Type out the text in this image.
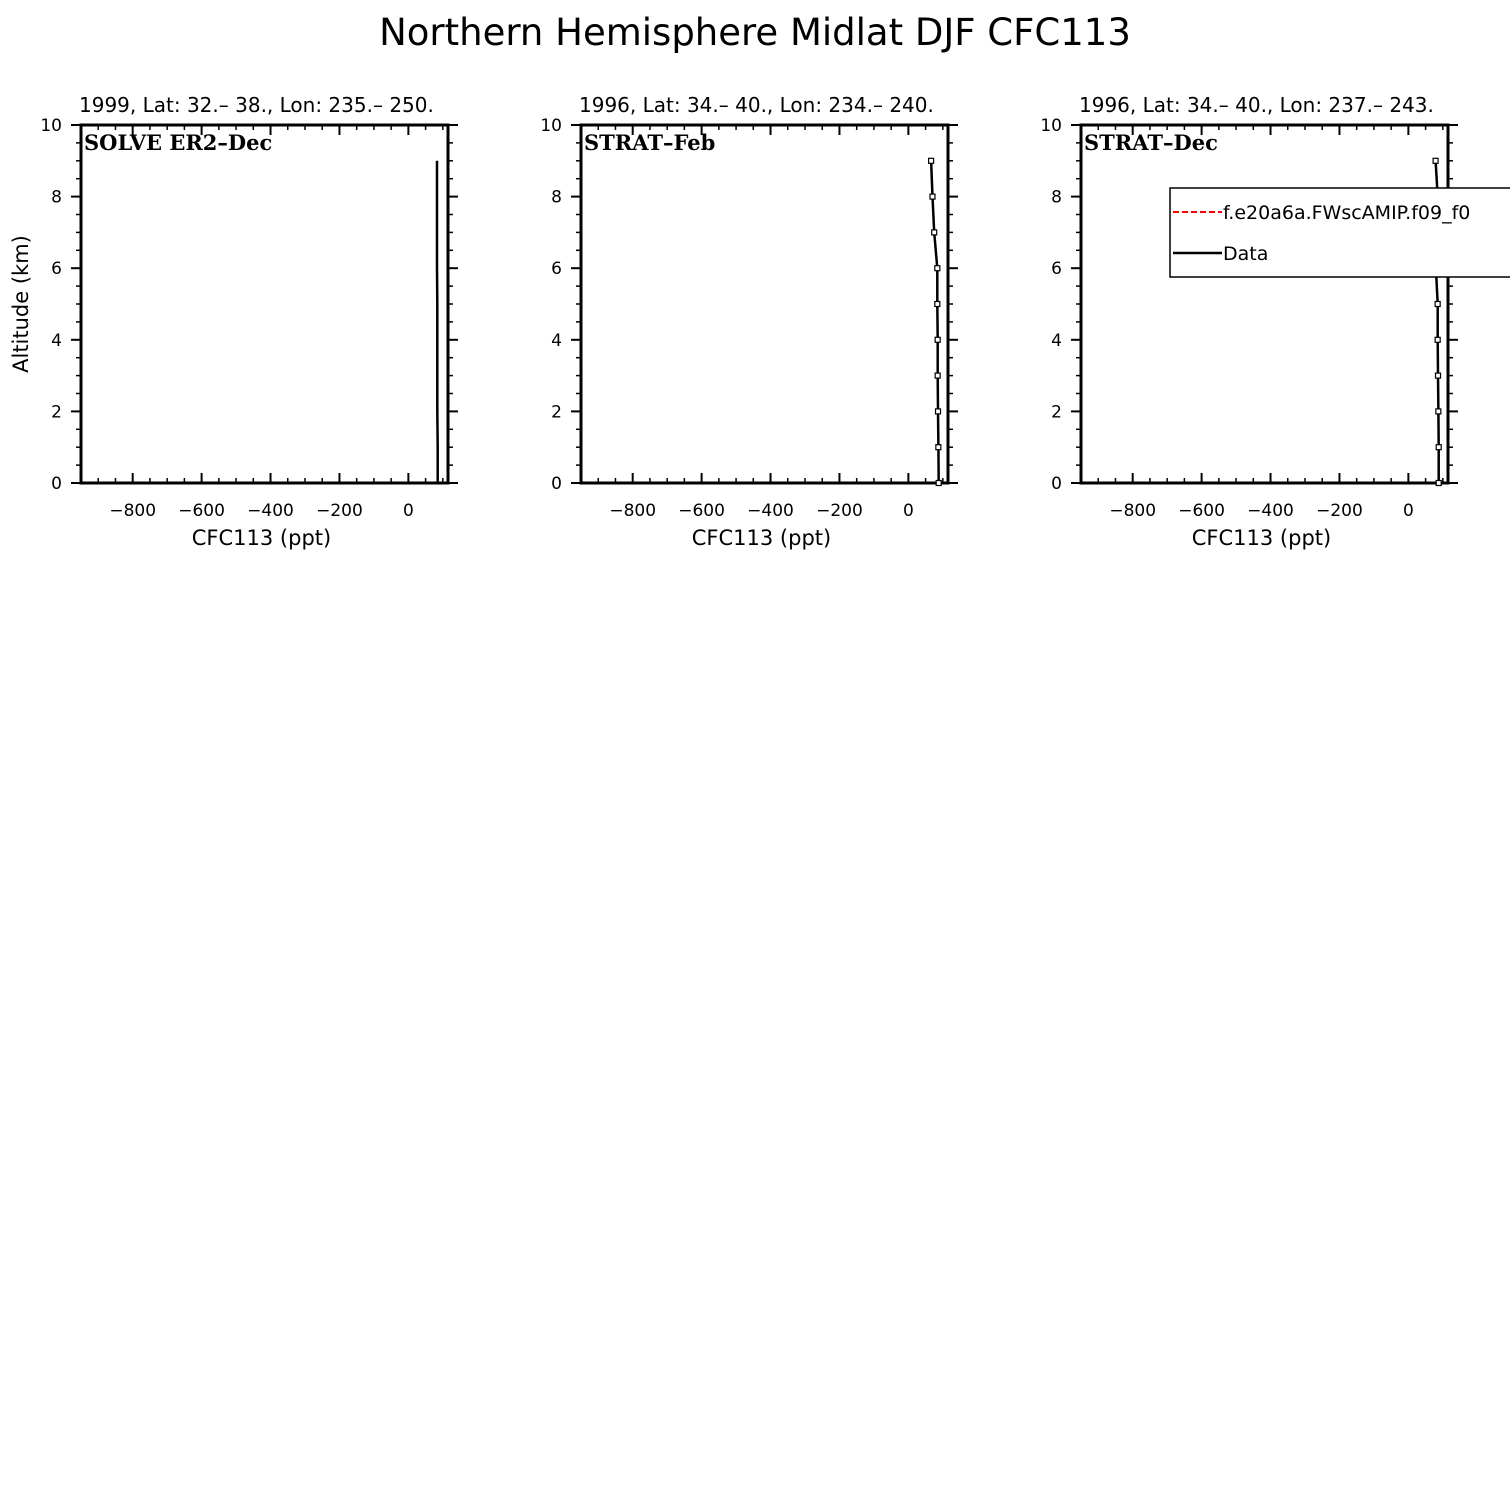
Northern Hemisphere Midlat DJF CFC113
−800 −600 −400 −200 0
0
2
4
6
8
10
1999, Lat: 32.– 38., Lon: 235.– 250.
SOLVE ER2–Dec
CFC113 (ppt)
Altitude (km)
−800 −600 −400 −200 0
0
2
4
6
8
10
1996, Lat: 34.– 40., Lon: 234.– 240.
STRAT–Feb
CFC113 (ppt)
−800 −600 −400 −200 0
0
2
4
6
8
10
1996, Lat: 34.– 40., Lon: 237.– 243.
STRAT–Dec
CFC113 (ppt)
f.e20a6a.FWscAMIP.f09_f0
Data
